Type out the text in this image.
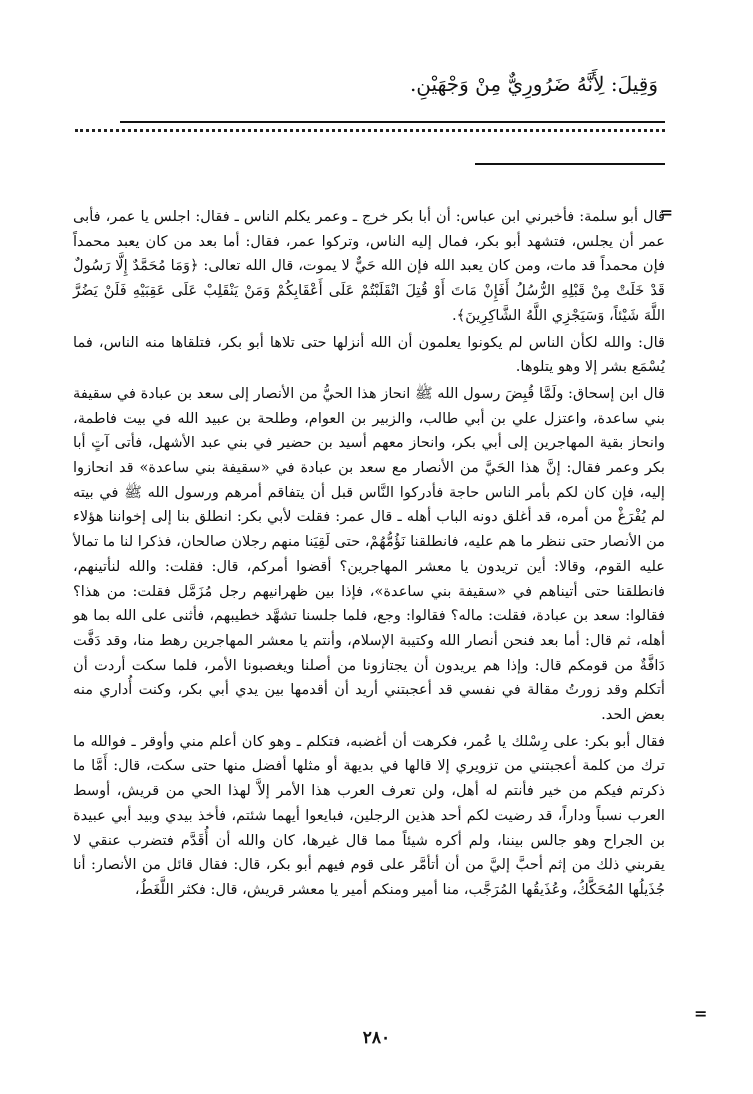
وَقِيلَ: لِأَنَّهُ ضَرُورِيٌّ مِنْ وَجْهَيْنِ.
=

قال أبو سلمة: فأخبرني ابن عباس: أن أبا بكر خرج ـ وعمر يكلم الناس ـ فقال: اجلس يا عمر، فأبى عمر أن يجلس، فتشهد أبو بكر، فمال إليه الناس، وتركوا عمر، فقال: أما بعد من كان يعبد محمداً فإن محمداً قد مات، ومن كان يعبد الله فإن الله حَيٌّ لا يموت، قال الله تعالى: ﴿وَمَا مُحَمَّدٌ إِلَّا رَسُولٌ قَدْ خَلَتْ مِنْ قَبْلِهِ الرُّسُلُ أَفَإِنْ مَاتَ أَوْ قُتِلَ انْقَلَبْتُمْ عَلَى أَعْقَابِكُمْ وَمَنْ يَنْقَلِبْ عَلَى عَقِبَيْهِ فَلَنْ يَضُرَّ اللَّهَ شَيْئاً، وَسَيَجْزِي اللَّهُ الشَّاكِرِينَ﴾.

قال: والله لكأن الناس لم يكونوا يعلمون أن الله أنزلها حتى تلاها أبو بكر، فتلقاها منه الناس، فما يُسْمَع بشر إلا وهو يتلوها.

قال ابن إسحاق: ولَمَّا قُبِضَ رسول الله ﷺ انحاز هذا الحيُّ من الأنصار إلى سعد بن عبادة في سقيفة بني ساعدة، واعتزل علي بن أبي طالب، والزبير بن العوام، وطلحة بن عبيد الله في بيت فاطمة، وانحاز بقية المهاجرين إلى أبي بكر، وانحاز معهم أسيد بن حضير في بني عبد الأشهل، فأتى آتٍ أبا بكر وعمر فقال: إنَّ هذا الحَيَّ من الأنصار مع سعد بن عبادة في «سقيفة بني ساعدة» قد انحازوا إليه، فإن كان لكم بأمر الناس حاجة فأدركوا النَّاس قبل أن يتفاقم أمرهم ورسول الله ﷺ في بيته لم يُفْرَغْ من أمره، قد أغلق دونه الباب أهله ـ قال عمر: فقلت لأبي بكر: انطلق بنا إلى إخواننا هؤلاء من الأنصار حتى ننظر ما هم عليه، فانطلقنا نَؤُمُّهُمْ، حتى لَقِيَنا منهم رجلان صالحان، فذكرا لنا ما تمالأ عليه القوم، وقالا: أين تريدون يا معشر المهاجرين؟ أقضوا أمركم، قال: فقلت: والله لنأتينهم، فانطلقنا حتى أتيناهم في «سقيفة بني ساعدة»، فإذا بين ظهرانيهم رجل مُزَمَّل فقلت: من هذا؟ فقالوا: سعد بن عبادة، فقلت: ماله؟ فقالوا: وجع، فلما جلسنا تشهَّد خطيبهم، فأثنى على الله بما هو أهله، ثم قال: أما بعد فنحن أنصار الله وكتيبة الإسلام، وأنتم يا معشر المهاجرين رهط منا، وقد دَفَّت دَافَّةٌ من قومكم قال: وإذا هم يريدون أن يجتازونا من أصلنا ويغصبونا الأمر، فلما سكت أردت أن أتكلم وقد زورتُ مقالة في نفسي قد أعجبتني أريد أن أقدمها بين يدي أبي بكر، وكنت أُداري منه بعض الحد.

فقال أبو بكر: على رِسْلك يا عُمر، فكرهت أن أغضبه، فتكلم ـ وهو كان أعلم مني وأوقر ـ فوالله ما ترك من كلمة أعجبتني من تزويري إلا قالها في بديهة أو مثلها أفضل منها حتى سكت، قال: أَمَّا ما ذكرتم فيكم من خير فأنتم له أهل، ولن تعرف العرب هذا الأمر إلاَّ لهذا الحي من قريش، أوسط العرب نسباً وداراً، قد رضيت لكم أحد هذين الرجلين، فبايعوا أيهما شئتم، فأخذ بيدي وبيد أبي عبيدة بن الجراح وهو جالس بيننا، ولم أكره شيئاً مما قال غيرها، كان والله أن أُقَدَّم فتضرب عنقي لا يقربني ذلك من إثم أحبَّ إليَّ من أن أتأمَّر على قوم فيهم أبو بكر، قال: فقال قائل من الأنصار: أنا جُذَيلُها المُحَكَّكُ، وعُذَيقُها المُرَجَّب، منا أمير ومنكم أمير يا معشر قريش، قال: فكثر اللَّغَطُ،

=
٢٨٠
